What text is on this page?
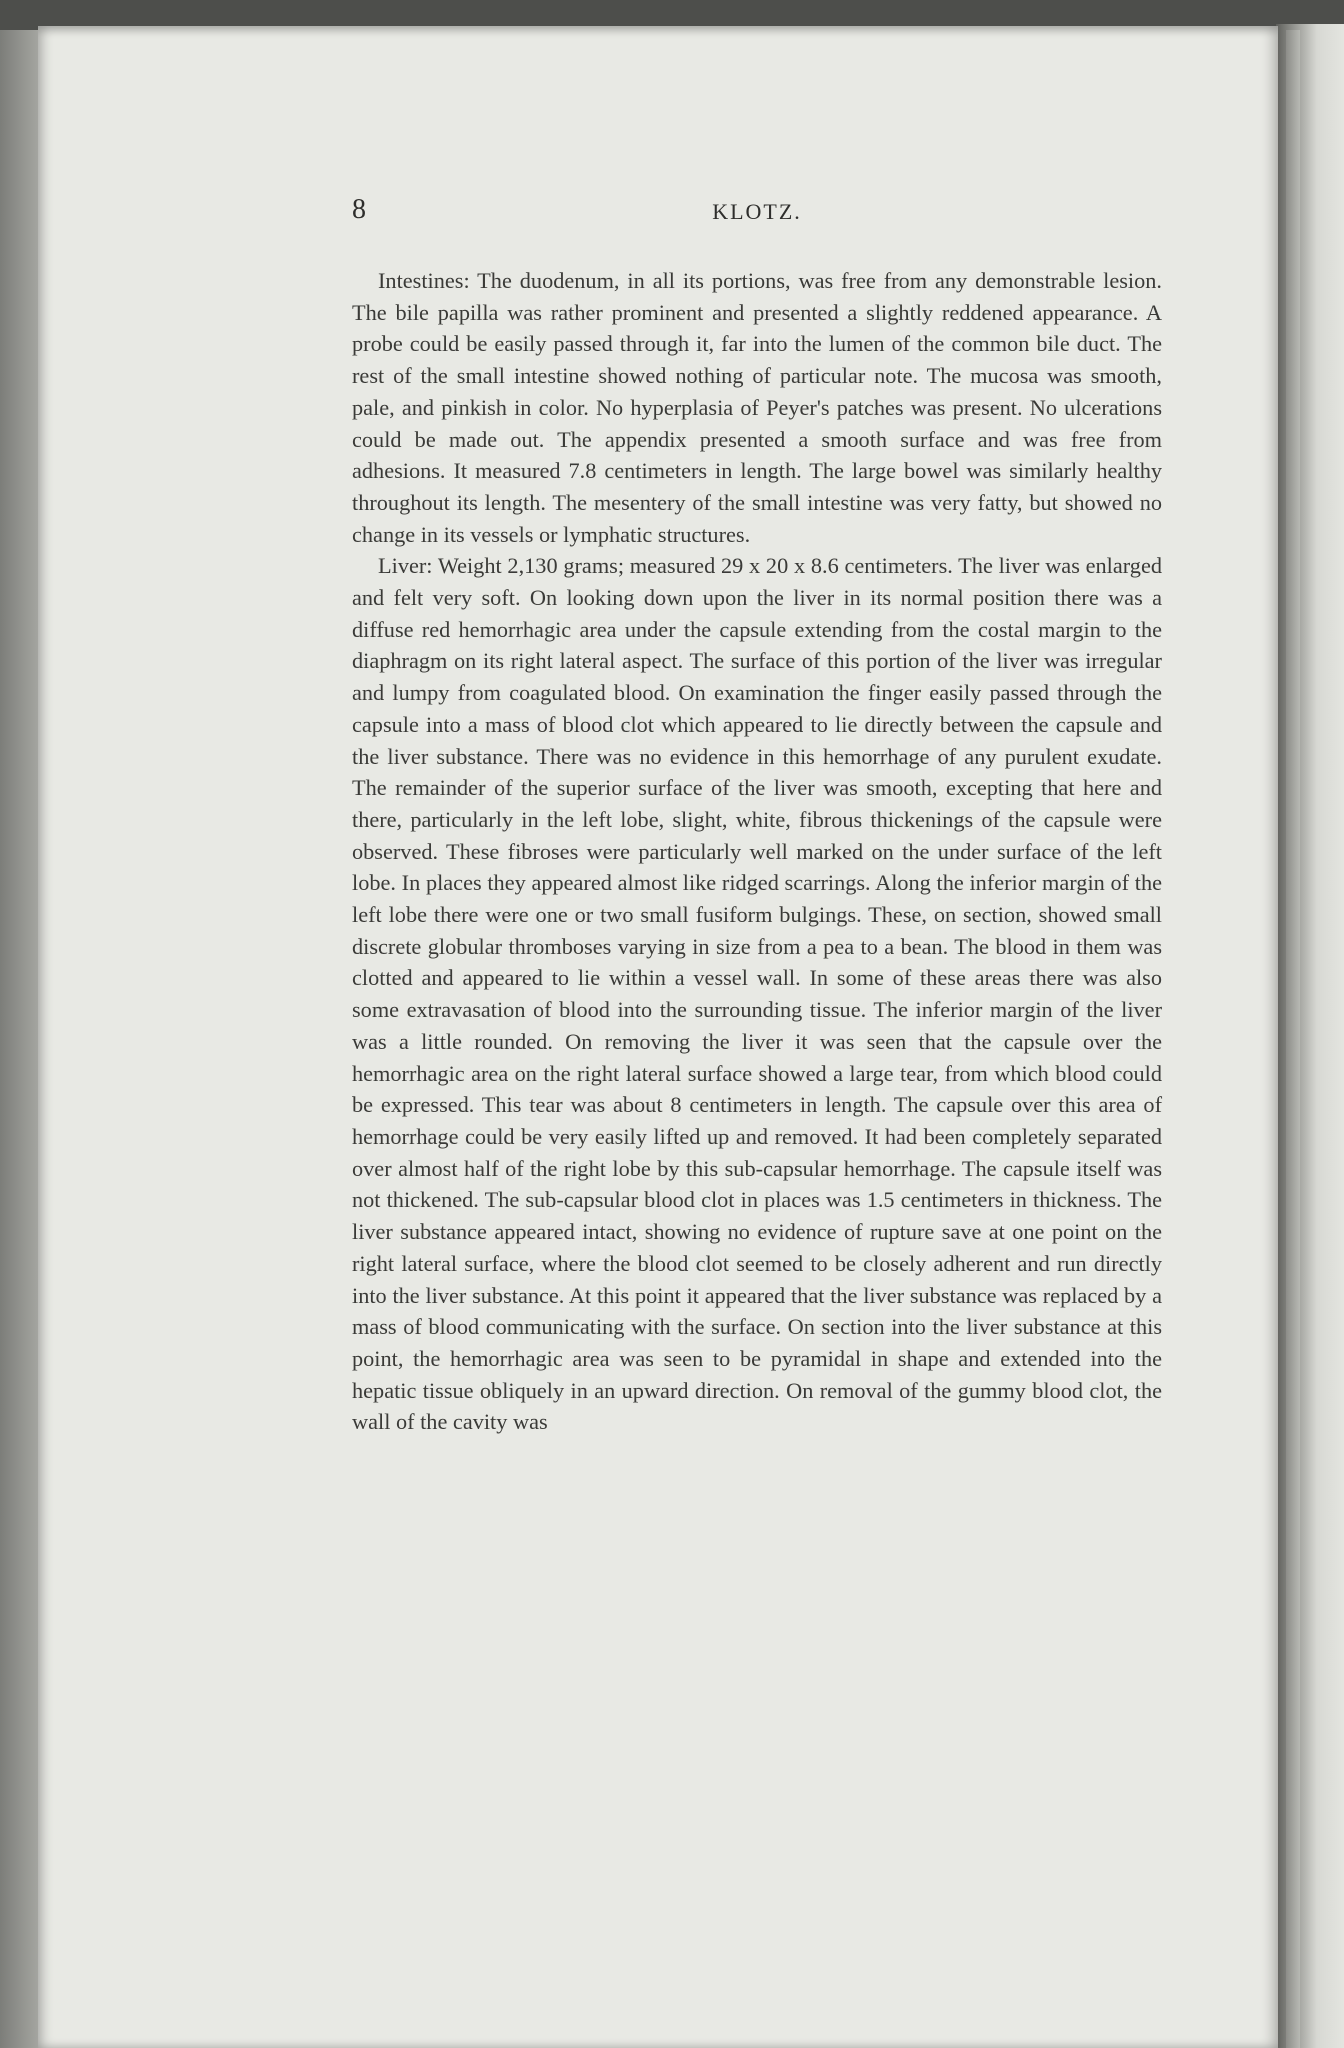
8	KLOTZ.

Intestines: The duodenum, in all its portions, was free from any demonstrable lesion. The bile papilla was rather prominent and presented a slightly reddened appearance. A probe could be easily passed through it, far into the lumen of the common bile duct. The rest of the small intestine showed nothing of particular note. The mucosa was smooth, pale, and pinkish in color. No hyperplasia of Peyer's patches was present. No ulcerations could be made out. The appendix presented a smooth surface and was free from adhesions. It measured 7.8 centimeters in length. The large bowel was similarly healthy throughout its length. The mesentery of the small intestine was very fatty, but showed no change in its vessels or lymphatic structures.

Liver: Weight 2,130 grams; measured 29 x 20 x 8.6 centimeters. The liver was enlarged and felt very soft. On looking down upon the liver in its normal position there was a diffuse red hemorrhagic area under the capsule extending from the costal margin to the diaphragm on its right lateral aspect. The surface of this portion of the liver was irregular and lumpy from coagulated blood. On examination the finger easily passed through the capsule into a mass of blood clot which appeared to lie directly between the capsule and the liver substance. There was no evidence in this hemorrhage of any purulent exudate. The remainder of the superior surface of the liver was smooth, excepting that here and there, particularly in the left lobe, slight, white, fibrous thickenings of the capsule were observed. These fibroses were particularly well marked on the under surface of the left lobe. In places they appeared almost like ridged scarrings. Along the inferior margin of the left lobe there were one or two small fusiform bulgings. These, on section, showed small discrete globular thromboses varying in size from a pea to a bean. The blood in them was clotted and appeared to lie within a vessel wall. In some of these areas there was also some extravasation of blood into the surrounding tissue. The inferior margin of the liver was a little rounded. On removing the liver it was seen that the capsule over the hemorrhagic area on the right lateral surface showed a large tear, from which blood could be expressed. This tear was about 8 centimeters in length. The capsule over this area of hemorrhage could be very easily lifted up and removed. It had been completely separated over almost half of the right lobe by this sub-capsular hemorrhage. The capsule itself was not thickened. The sub-capsular blood clot in places was 1.5 centimeters in thickness. The liver substance appeared intact, showing no evidence of rupture save at one point on the right lateral surface, where the blood clot seemed to be closely adherent and run directly into the liver substance. At this point it appeared that the liver substance was replaced by a mass of blood communicating with the surface. On section into the liver substance at this point, the hemorrhagic area was seen to be pyramidal in shape and extended into the hepatic tissue obliquely in an upward direction. On removal of the gummy blood clot, the wall of the cavity was
